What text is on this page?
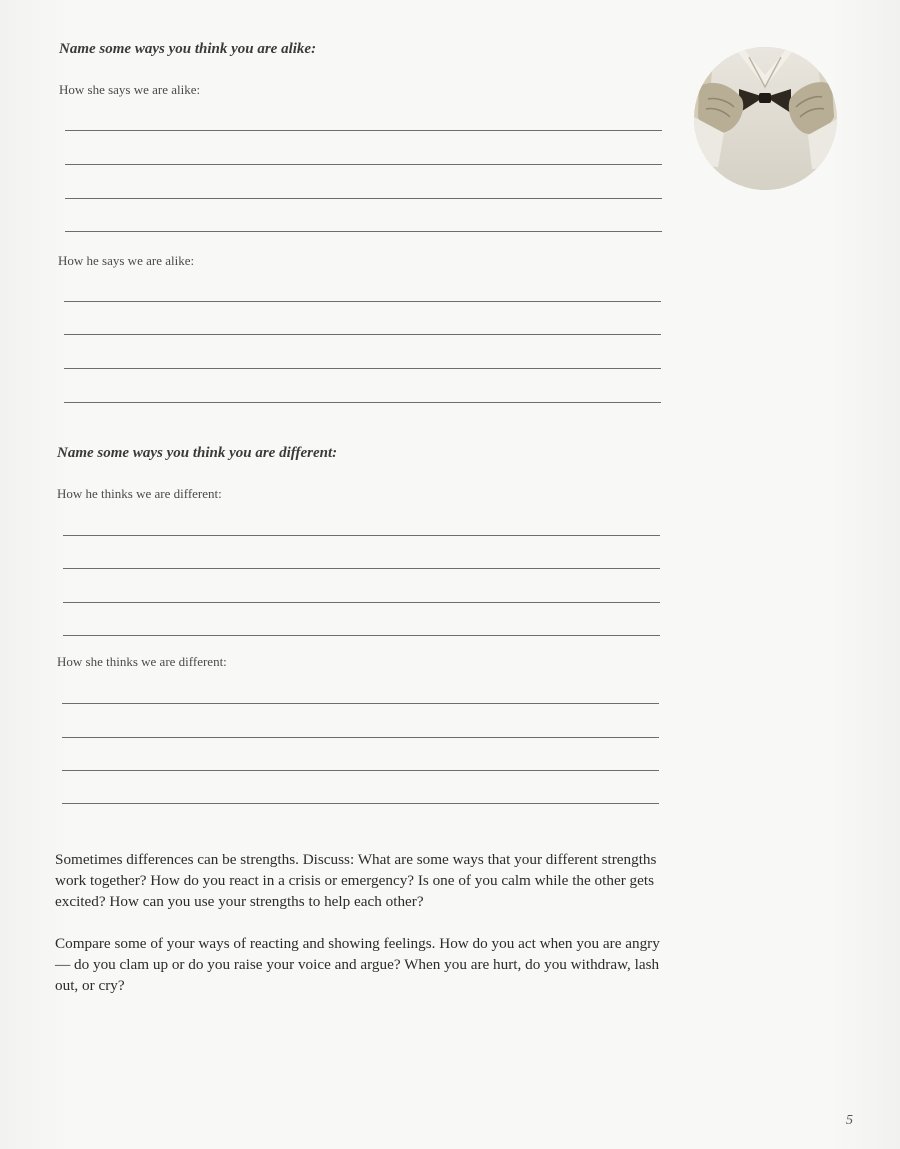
Name some ways you think you are alike:

How she says we are alike:

How he says we are alike:

Name some ways you think you are different:

How he thinks we are different:

How she thinks we are different:

Sometimes differences can be strengths. Discuss: What are some ways that your different strengths work together? How do you react in a crisis or emergency? Is one of you calm while the other gets excited? How can you use your strengths to help each other?

Compare some of your ways of reacting and showing feelings. How do you act when you are angry — do you clam up or do you raise your voice and argue? When you are hurt, do you withdraw, lash out, or cry?

5
